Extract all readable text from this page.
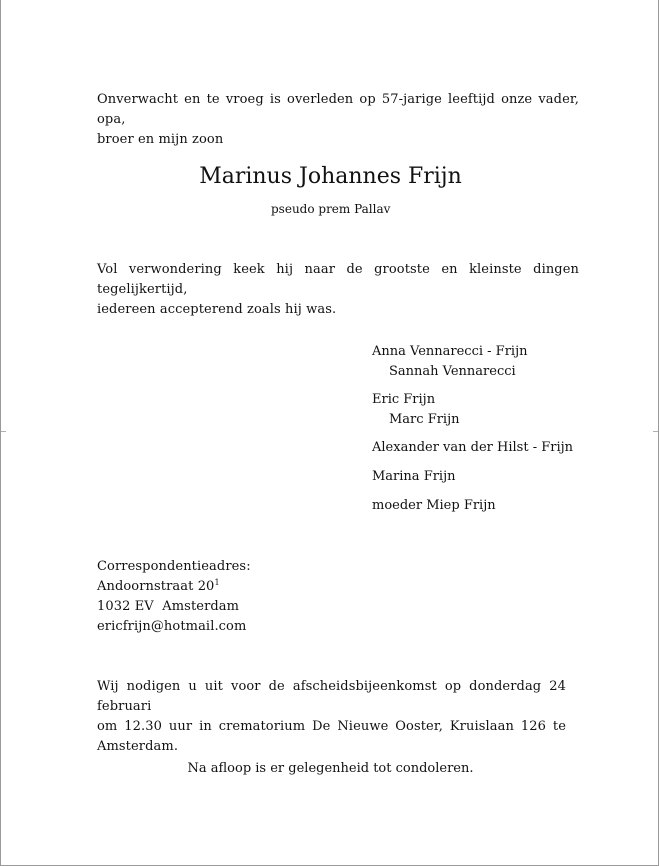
Onverwacht en te vroeg is overleden op 57-jarige leeftijd onze vader, opa,
broer en mijn zoon
Marinus Johannes Frijn
pseudo prem Pallav
Vol verwondering keek hij naar de grootste en kleinste dingen tegelijkertijd,
iedereen accepterend zoals hij was.
Anna Vennarecci - Frijn
Sannah Vennarecci
Eric Frijn
Marc Frijn
Alexander van der Hilst - Frijn
Marina Frijn
moeder Miep Frijn
Correspondentieadres:
Andoornstraat $20^1$
1032 EV  Amsterdam
ericfrijn@hotmail.com
Wij nodigen u uit voor de afscheidsbijeenkomst op donderdag 24 februari
om 12.30 uur in crematorium De Nieuwe Ooster, Kruislaan 126 te
Amsterdam.
Na afloop is er gelegenheid tot condoleren.
